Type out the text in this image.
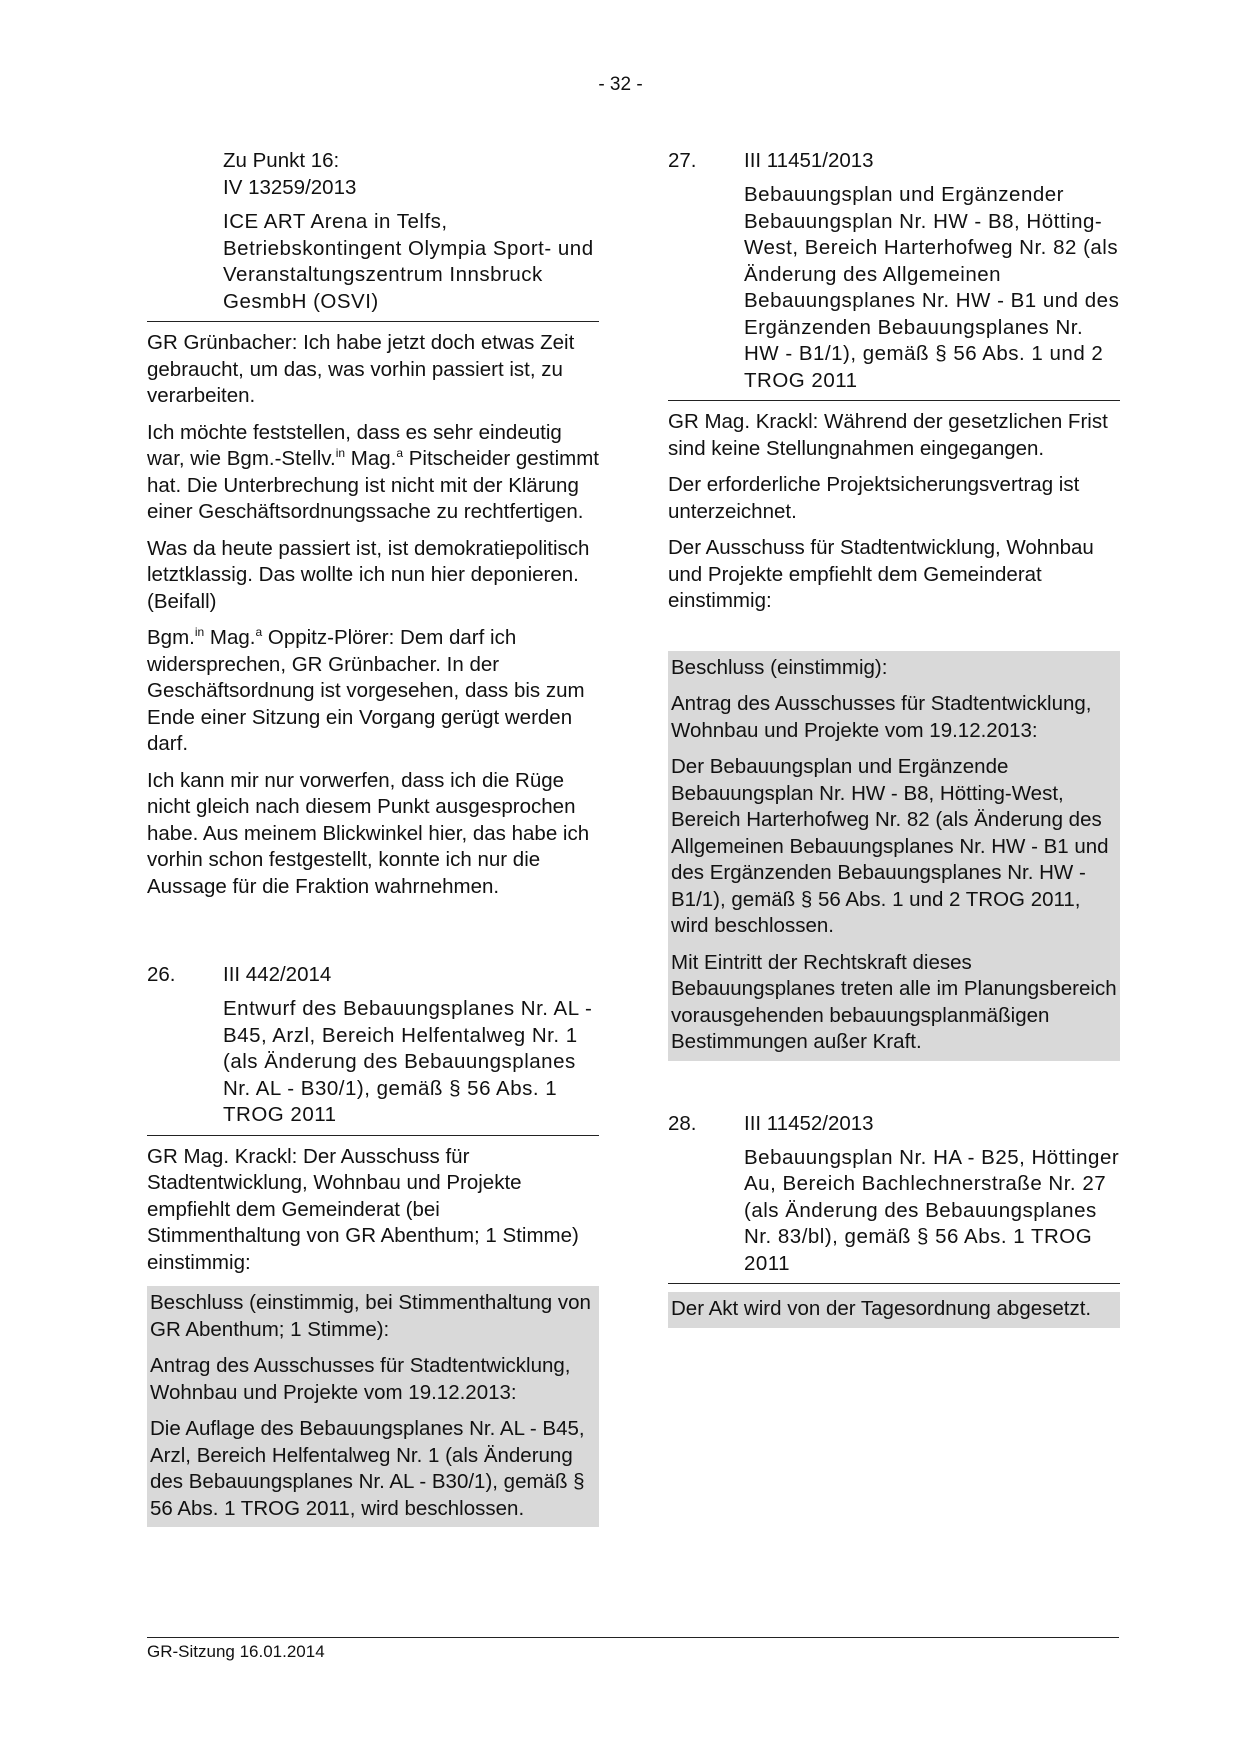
- 32 -
Zu Punkt 16:
IV 13259/2013
ICE ART Arena in Telfs, Betriebskontingent Olympia Sport- und Veranstaltungszentrum Innsbruck GesmbH (OSVI)

GR Grünbacher: Ich habe jetzt doch etwas Zeit gebraucht, um das, was vorhin passiert ist, zu verarbeiten.

Ich möchte feststellen, dass es sehr eindeutig war, wie Bgm.-Stellv.$^{in}$ Mag.$^a$ Pitscheider gestimmt hat. Die Unterbrechung ist nicht mit der Klärung einer Geschäftsordnungssache zu rechtfertigen.

Was da heute passiert ist, ist demokratiepolitisch letztklassig. Das wollte ich nun hier deponieren. (Beifall)

Bgm.$^{in}$ Mag.$^a$ Oppitz-Plörer: Dem darf ich widersprechen, GR Grünbacher. In der Geschäftsordnung ist vorgesehen, dass bis zum Ende einer Sitzung ein Vorgang gerügt werden darf.

Ich kann mir nur vorwerfen, dass ich die Rüge nicht gleich nach diesem Punkt ausgesprochen habe. Aus meinem Blickwinkel hier, das habe ich vorhin schon festgestellt, konnte ich nur die Aussage für die Fraktion wahrnehmen.

26.	III 442/2014
Entwurf des Bebauungsplanes Nr. AL - B45, Arzl, Bereich Helfentalweg Nr. 1 (als Änderung des Bebauungsplanes Nr. AL - B30/1), gemäß § 56 Abs. 1 TROG 2011

GR Mag. Krackl: Der Ausschuss für Stadtentwicklung, Wohnbau und Projekte empfiehlt dem Gemeinderat (bei Stimmenthaltung von GR Abenthum; 1 Stimme) einstimmig:

Beschluss (einstimmig, bei Stimmenthaltung von GR Abenthum; 1 Stimme):

Antrag des Ausschusses für Stadtentwicklung, Wohnbau und Projekte vom 19.12.2013:

Die Auflage des Bebauungsplanes Nr. AL - B45, Arzl, Bereich Helfentalweg Nr. 1 (als Änderung des Bebauungsplanes Nr. AL - B30/1), gemäß § 56 Abs. 1 TROG 2011, wird beschlossen.

27.	III 11451/2013
Bebauungsplan und Ergänzender Bebauungsplan Nr. HW - B8, Hötting-West, Bereich Harterhofweg Nr. 82 (als Änderung des Allgemeinen Bebauungsplanes Nr. HW - B1 und des Ergänzenden Bebauungsplanes Nr. HW - B1/1), gemäß § 56 Abs. 1 und 2 TROG 2011

GR Mag. Krackl: Während der gesetzlichen Frist sind keine Stellungnahmen eingegangen.

Der erforderliche Projektsicherungsvertrag ist unterzeichnet.

Der Ausschuss für Stadtentwicklung, Wohnbau und Projekte empfiehlt dem Gemeinderat einstimmig:

Beschluss (einstimmig):

Antrag des Ausschusses für Stadtentwicklung, Wohnbau und Projekte vom 19.12.2013:

Der Bebauungsplan und Ergänzende Bebauungsplan Nr. HW - B8, Hötting-West, Bereich Harterhofweg Nr. 82 (als Änderung des Allgemeinen Bebauungsplanes Nr. HW - B1 und des Ergänzenden Bebauungsplanes Nr. HW - B1/1), gemäß § 56 Abs. 1 und 2 TROG 2011, wird beschlossen.

Mit Eintritt der Rechtskraft dieses Bebauungsplanes treten alle im Planungsbereich vorausgehenden bebauungsplanmäßigen Bestimmungen außer Kraft.

28.	III 11452/2013
Bebauungsplan Nr. HA - B25, Höttinger Au, Bereich Bachlechnerstraße Nr. 27 (als Änderung des Bebauungsplanes Nr. 83/bl), gemäß § 56 Abs. 1 TROG 2011

Der Akt wird von der Tagesordnung abgesetzt.

GR-Sitzung 16.01.2014
